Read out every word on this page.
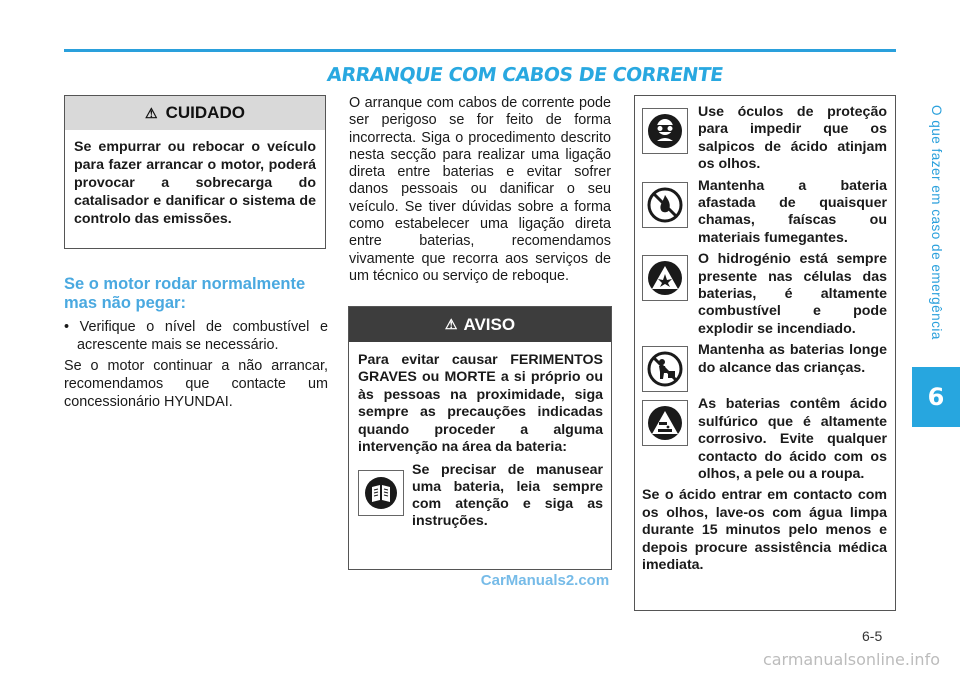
ARRANQUE COM CABOS DE CORRENTE
O que fazer em caso de emergência
6
6-5
⚠ CUIDADO
Se empurrar ou rebocar o veículo para fazer arrancar o motor, poderá provocar a sobrecarga do catalisador e danificar o sistema de controlo das emissões.
Se o motor rodar normalmente mas não pegar:
• Verifique o nível de combustível e acrescente mais se necessário.
Se o motor continuar a não arrancar, recomendamos que contacte um concessionário HYUNDAI.
O arranque com cabos de corrente pode ser perigoso se for feito de forma incorrecta. Siga o procedimento descrito nesta secção para realizar uma ligação direta entre baterias e evitar sofrer danos pessoais ou danificar o seu veículo. Se tiver dúvidas sobre a forma como estabelecer uma ligação direta entre baterias, recomendamos vivamente que recorra aos serviços de um técnico ou serviço de reboque.
⚠ AVISO
Para evitar causar FERIMENTOS GRAVES ou MORTE a si próprio ou às pessoas na proximidade, siga sempre as precauções indicadas quando proceder a alguma intervenção na área da bateria:
Se precisar de manusear uma bateria, leia sempre com atenção e siga as instruções.
CarManuals2.com
Use óculos de proteção para impedir que os salpicos de ácido atinjam os olhos.
Mantenha a bateria afastada de quaisquer chamas, faíscas ou materiais fumegantes.
O hidrogénio está sempre presente nas células das baterias, é altamente combustível e pode explodir se incendiado.
Mantenha as baterias longe do alcance das crianças.
As baterias contêm ácido sulfúrico que é altamente corrosivo. Evite qualquer contacto do ácido com os olhos, a pele ou a roupa.
Se o ácido entrar em contacto com os olhos, lave-os com água limpa durante 15 minutos pelo menos e depois procure assistência médica imediata.
carmanualsonline.info
